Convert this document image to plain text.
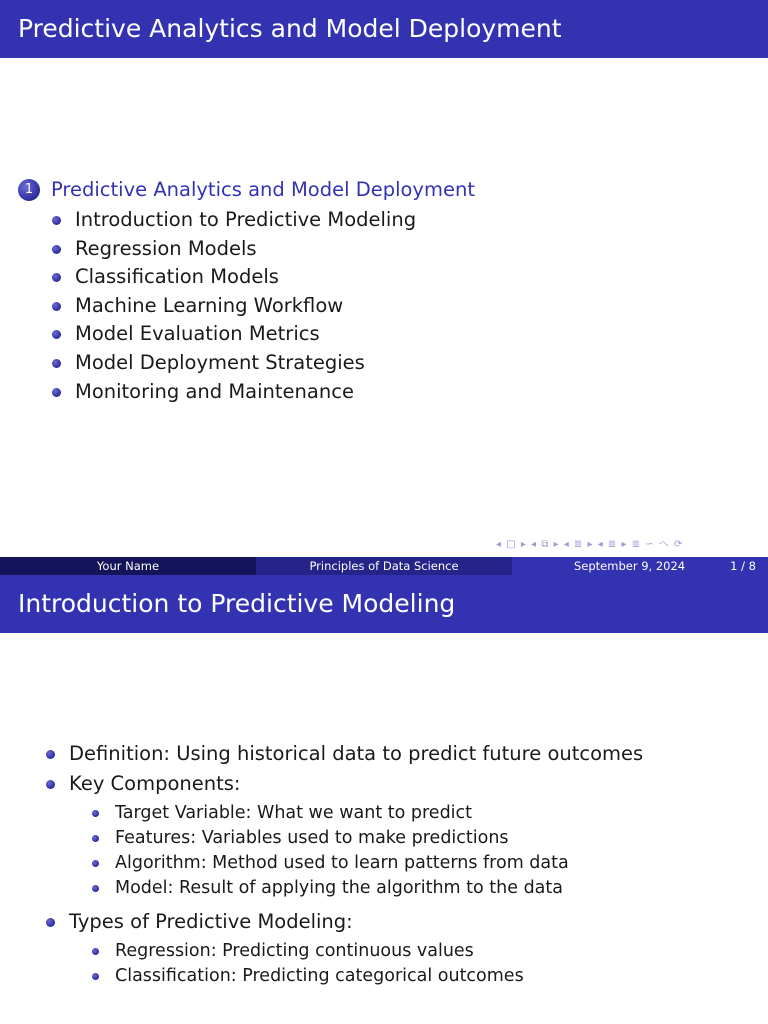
Predictive Analytics and Model Deployment
1 Predictive Analytics and Model Deployment
Introduction to Predictive Modeling
Regression Models
Classification Models
Machine Learning Workflow
Model Evaluation Metrics
Model Deployment Strategies
Monitoring and Maintenance
◂ □ ▸ ◂ ⧉ ▸ ◂ ≣ ▸ ◂ ≣ ▸ ≣ ∽ へ ⟳
Your Name	Principles of Data Science	September 9, 2024	1 / 8
Introduction to Predictive Modeling
Definition: Using historical data to predict future outcomes
Key Components:
Target Variable: What we want to predict
Features: Variables used to make predictions
Algorithm: Method used to learn patterns from data
Model: Result of applying the algorithm to the data
Types of Predictive Modeling:
Regression: Predicting continuous values
Classification: Predicting categorical outcomes
